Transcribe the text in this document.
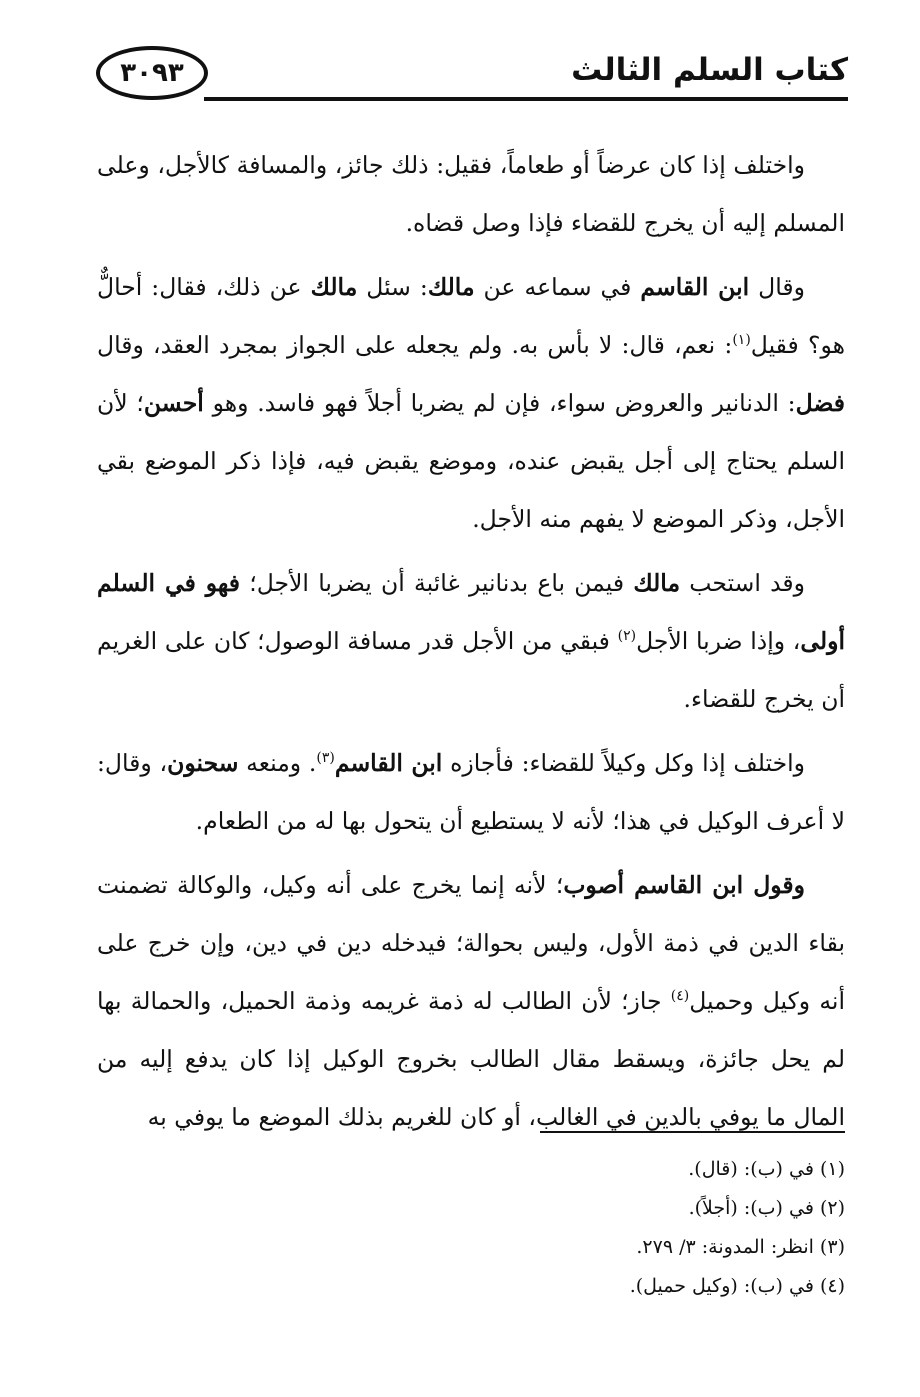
كتاب السلم الثالث
٣٠٩٣

واختلف إذا كان عرضاً أو طعاماً، فقيل: ذلك جائز، والمسافة كالأجل، وعلى المسلم إليه أن يخرج للقضاء فإذا وصل قضاه.

وقال ابن القاسم في سماعه عن مالك: سئل مالك عن ذلك، فقال: أحالٌّ هو؟ فقيل$^{(١)}$: نعم، قال: لا بأس به. ولم يجعله على الجواز بمجرد العقد، وقال فضل: الدنانير والعروض سواء، فإن لم يضربا أجلاً فهو فاسد. وهو أحسن؛ لأن السلم يحتاج إلى أجل يقبض عنده، وموضع يقبض فيه، فإذا ذكر الموضع بقي الأجل، وذكر الموضع لا يفهم منه الأجل.

وقد استحب مالك فيمن باع بدنانير غائبة أن يضربا الأجل؛ فهو في السلم أولى، وإذا ضربا الأجل$^{(٢)}$ فبقي من الأجل قدر مسافة الوصول؛ كان على الغريم أن يخرج للقضاء.

واختلف إذا وكل وكيلاً للقضاء: فأجازه ابن القاسم$^{(٣)}$. ومنعه سحنون، وقال: لا أعرف الوكيل في هذا؛ لأنه لا يستطيع أن يتحول بها له من الطعام.

وقول ابن القاسم أصوب؛ لأنه إنما يخرج على أنه وكيل، والوكالة تضمنت بقاء الدين في ذمة الأول، وليس بحوالة؛ فيدخله دين في دين، وإن خرج على أنه وكيل وحميل$^{(٤)}$ جاز؛ لأن الطالب له ذمة غريمه وذمة الحميل، والحمالة بها لم يحل جائزة، ويسقط مقال الطالب بخروج الوكيل إذا كان يدفع إليه من المال ما يوفي بالدين في الغالب، أو كان للغريم بذلك الموضع ما يوفي به

(١) في (ب): (قال).

(٢) في (ب): (أجلاً).

(٣) انظر: المدونة: ٣/ ٢٧٩.

(٤) في (ب): (وكيل حميل).
